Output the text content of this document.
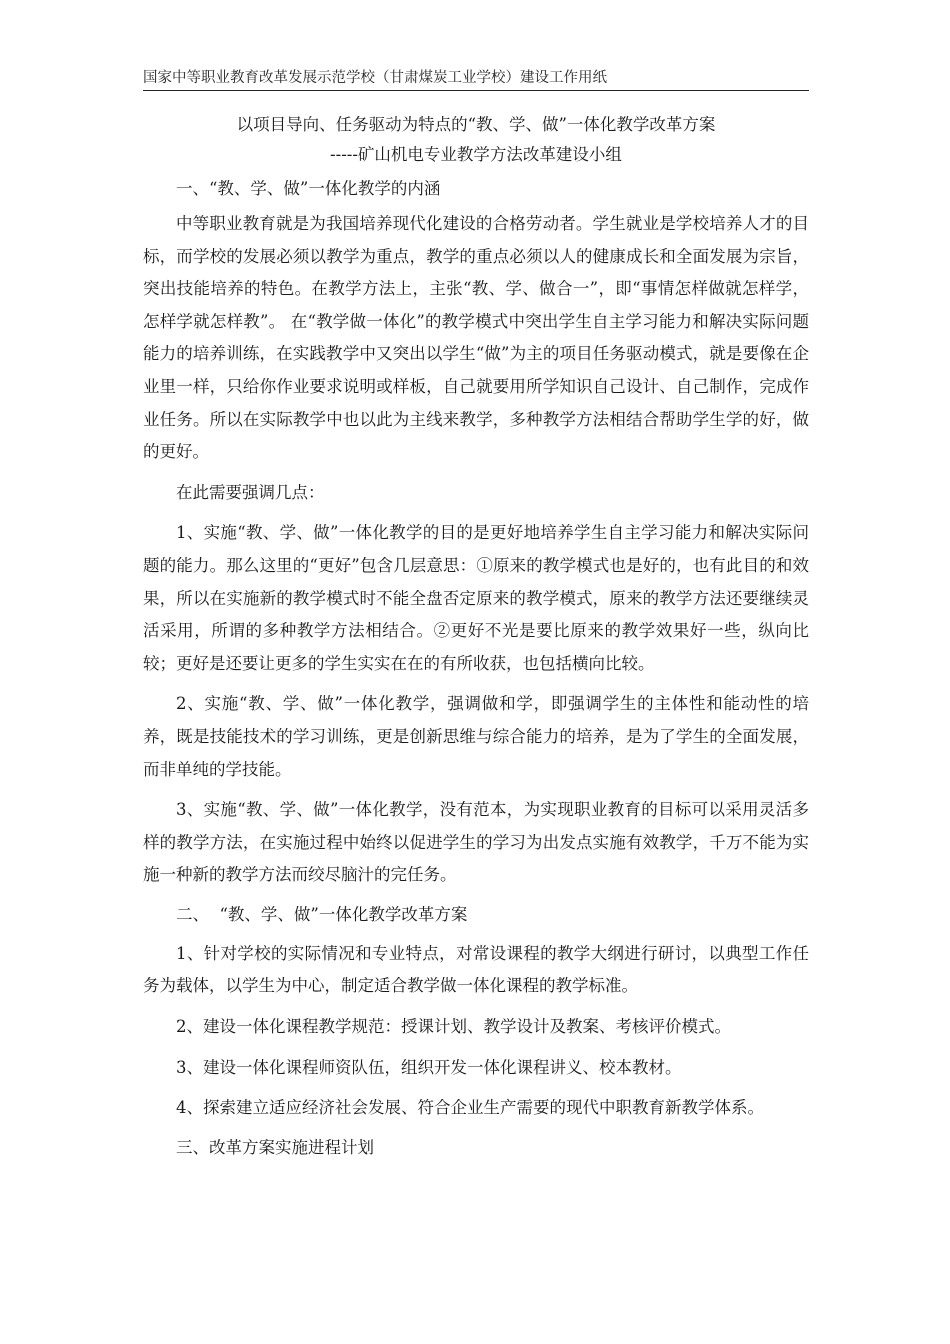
国家中等职业教育改革发展示范学校（甘肃煤炭工业学校）建设工作用纸
以项目导向、任务驱动为特点的“教、学、做”一体化教学改革方案
-----矿山机电专业教学方法改革建设小组
一、“教、学、做”一体化教学的内涵

中等职业教育就是为我国培养现代化建设的合格劳动者。学生就业是学校培养人才的目标，而学校的发展必须以教学为重点，教学的重点必须以人的健康成长和全面发展为宗旨，突出技能培养的特色。在教学方法上，主张“教、学、做合一”，即“事情怎样做就怎样学，怎样学就怎样教”。 在“教学做一体化”的教学模式中突出学生自主学习能力和解决实际问题能力的培养训练，在实践教学中又突出以学生“做”为主的项目任务驱动模式，就是要像在企业里一样，只给你作业要求说明或样板，自己就要用所学知识自己设计、自己制作，完成作业任务。所以在实际教学中也以此为主线来教学，多种教学方法相结合帮助学生学的好，做的更好。

在此需要强调几点：

1、实施“教、学、做”一体化教学的目的是更好地培养学生自主学习能力和解决实际问题的能力。那么这里的“更好”包含几层意思：①原来的教学模式也是好的，也有此目的和效果，所以在实施新的教学模式时不能全盘否定原来的教学模式，原来的教学方法还要继续灵活采用，所谓的多种教学方法相结合。②更好不光是要比原来的教学效果好一些，纵向比较；更好是还要让更多的学生实实在在的有所收获，也包括横向比较。

2、实施“教、学、做”一体化教学，强调做和学，即强调学生的主体性和能动性的培养，既是技能技术的学习训练，更是创新思维与综合能力的培养，是为了学生的全面发展，而非单纯的学技能。

3、实施“教、学、做”一体化教学，没有范本，为实现职业教育的目标可以采用灵活多样的教学方法，在实施过程中始终以促进学生的学习为出发点实施有效教学，千万不能为实施一种新的教学方法而绞尽脑汁的完任务。

二、  “教、学、做”一体化教学改革方案

1、针对学校的实际情况和专业特点，对常设课程的教学大纲进行研讨，以典型工作任务为载体，以学生为中心，制定适合教学做一体化课程的教学标准。

2、建设一体化课程教学规范：授课计划、教学设计及教案、考核评价模式。

3、建设一体化课程师资队伍，组织开发一体化课程讲义、校本教材。

4、探索建立适应经济社会发展、符合企业生产需要的现代中职教育新教学体系。

三、改革方案实施进程计划
